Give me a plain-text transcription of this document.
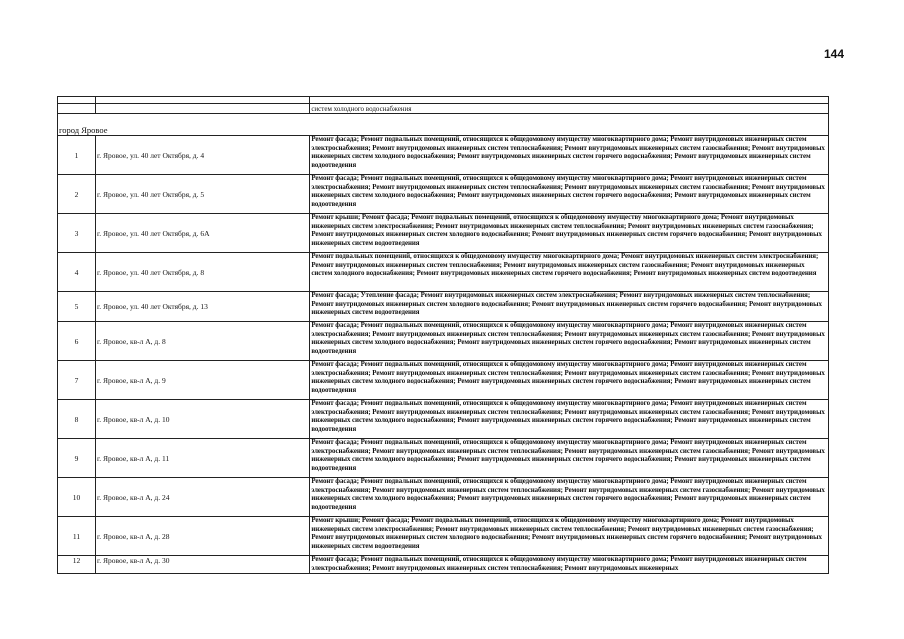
144

		систем холодного водоснабжения
город Яровое		
1	г. Яровое, ул. 40 лет Октября, д. 4	Ремонт фасада; Ремонт подвальных помещений, относящихся к общедомовому имуществу многоквартирного дома; Ремонт внутридомовых инженерных систем электроснабжения; Ремонт внутридомовых инженерных систем теплоснабжения; Ремонт внутридомовых инженерных систем газоснабжения; Ремонт внутридомовых инженерных систем холодного водоснабжения; Ремонт внутридомовых инженерных систем горячего водоснабжения; Ремонт внутридомовых инженерных систем водоотведения
2	г. Яровое, ул. 40 лет Октября, д. 5	Ремонт фасада; Ремонт подвальных помещений, относящихся к общедомовому имуществу многоквартирного дома; Ремонт внутридомовых инженерных систем электроснабжения; Ремонт внутридомовых инженерных систем теплоснабжения; Ремонт внутридомовых инженерных систем газоснабжения; Ремонт внутридомовых инженерных систем холодного водоснабжения; Ремонт внутридомовых инженерных систем горячего водоснабжения; Ремонт внутридомовых инженерных систем водоотведения
3	г. Яровое, ул. 40 лет Октября, д. 6А	Ремонт крыши; Ремонт фасада; Ремонт подвальных помещений, относящихся к общедомовому имуществу многоквартирного дома; Ремонт внутридомовых инженерных систем электроснабжения; Ремонт внутридомовых инженерных систем теплоснабжения; Ремонт внутридомовых инженерных систем газоснабжения; Ремонт внутридомовых инженерных систем холодного водоснабжения; Ремонт внутридомовых инженерных систем горячего водоснабжения; Ремонт внутридомовых инженерных систем водоотведения
4	г. Яровое, ул. 40 лет Октября, д. 8	Ремонт подвальных помещений, относящихся к общедомовому имуществу многоквартирного дома; Ремонт внутридомовых инженерных систем электроснабжения; Ремонт внутридомовых инженерных систем теплоснабжения; Ремонт внутридомовых инженерных систем газоснабжения; Ремонт внутридомовых инженерных систем холодного водоснабжения; Ремонт внутридомовых инженерных систем горячего водоснабжения; Ремонт внутридомовых инженерных систем водоотведения
5	г. Яровое, ул. 40 лет Октября, д. 13	Ремонт фасада; Утепление фасада; Ремонт внутридомовых инженерных систем электроснабжения; Ремонт внутридомовых инженерных систем теплоснабжения; Ремонт внутридомовых инженерных систем холодного водоснабжения; Ремонт внутридомовых инженерных систем горячего водоснабжения; Ремонт внутридомовых инженерных систем водоотведения
6	г. Яровое, кв-л А, д. 8	Ремонт фасада; Ремонт подвальных помещений, относящихся к общедомовому имуществу многоквартирного дома; Ремонт внутридомовых инженерных систем электроснабжения; Ремонт внутридомовых инженерных систем теплоснабжения; Ремонт внутридомовых инженерных систем газоснабжения; Ремонт внутридомовых инженерных систем холодного водоснабжения; Ремонт внутридомовых инженерных систем горячего водоснабжения; Ремонт внутридомовых инженерных систем водоотведения
7	г. Яровое, кв-л А, д. 9	Ремонт фасада; Ремонт подвальных помещений, относящихся к общедомовому имуществу многоквартирного дома; Ремонт внутридомовых инженерных систем электроснабжения; Ремонт внутридомовых инженерных систем теплоснабжения; Ремонт внутридомовых инженерных систем газоснабжения; Ремонт внутридомовых инженерных систем холодного водоснабжения; Ремонт внутридомовых инженерных систем горячего водоснабжения; Ремонт внутридомовых инженерных систем водоотведения
8	г. Яровое, кв-л А, д. 10	Ремонт фасада; Ремонт подвальных помещений, относящихся к общедомовому имуществу многоквартирного дома; Ремонт внутридомовых инженерных систем электроснабжения; Ремонт внутридомовых инженерных систем теплоснабжения; Ремонт внутридомовых инженерных систем газоснабжения; Ремонт внутридомовых инженерных систем холодного водоснабжения; Ремонт внутридомовых инженерных систем горячего водоснабжения; Ремонт внутридомовых инженерных систем водоотведения
9	г. Яровое, кв-л А, д. 11	Ремонт фасада; Ремонт подвальных помещений, относящихся к общедомовому имуществу многоквартирного дома; Ремонт внутридомовых инженерных систем электроснабжения; Ремонт внутридомовых инженерных систем теплоснабжения; Ремонт внутридомовых инженерных систем газоснабжения; Ремонт внутридомовых инженерных систем холодного водоснабжения; Ремонт внутридомовых инженерных систем горячего водоснабжения; Ремонт внутридомовых инженерных систем водоотведения
10	г. Яровое, кв-л А, д. 24	Ремонт фасада; Ремонт подвальных помещений, относящихся к общедомовому имуществу многоквартирного дома; Ремонт внутридомовых инженерных систем электроснабжения; Ремонт внутридомовых инженерных систем теплоснабжения; Ремонт внутридомовых инженерных систем газоснабжения; Ремонт внутридомовых инженерных систем холодного водоснабжения; Ремонт внутридомовых инженерных систем горячего водоснабжения; Ремонт внутридомовых инженерных систем водоотведения
11	г. Яровое, кв-л А, д. 28	Ремонт крыши; Ремонт фасада; Ремонт подвальных помещений, относящихся к общедомовому имуществу многоквартирного дома; Ремонт внутридомовых инженерных систем электроснабжения; Ремонт внутридомовых инженерных систем теплоснабжения; Ремонт внутридомовых инженерных систем газоснабжения; Ремонт внутридомовых инженерных систем холодного водоснабжения; Ремонт внутридомовых инженерных систем горячего водоснабжения; Ремонт внутридомовых инженерных систем водоотведения
12	г. Яровое, кв-л А, д. 30	Ремонт фасада; Ремонт подвальных помещений, относящихся к общедомовому имуществу многоквартирного дома; Ремонт внутридомовых инженерных систем электроснабжения; Ремонт внутридомовых инженерных систем теплоснабжения; Ремонт внутридомовых инженерных
